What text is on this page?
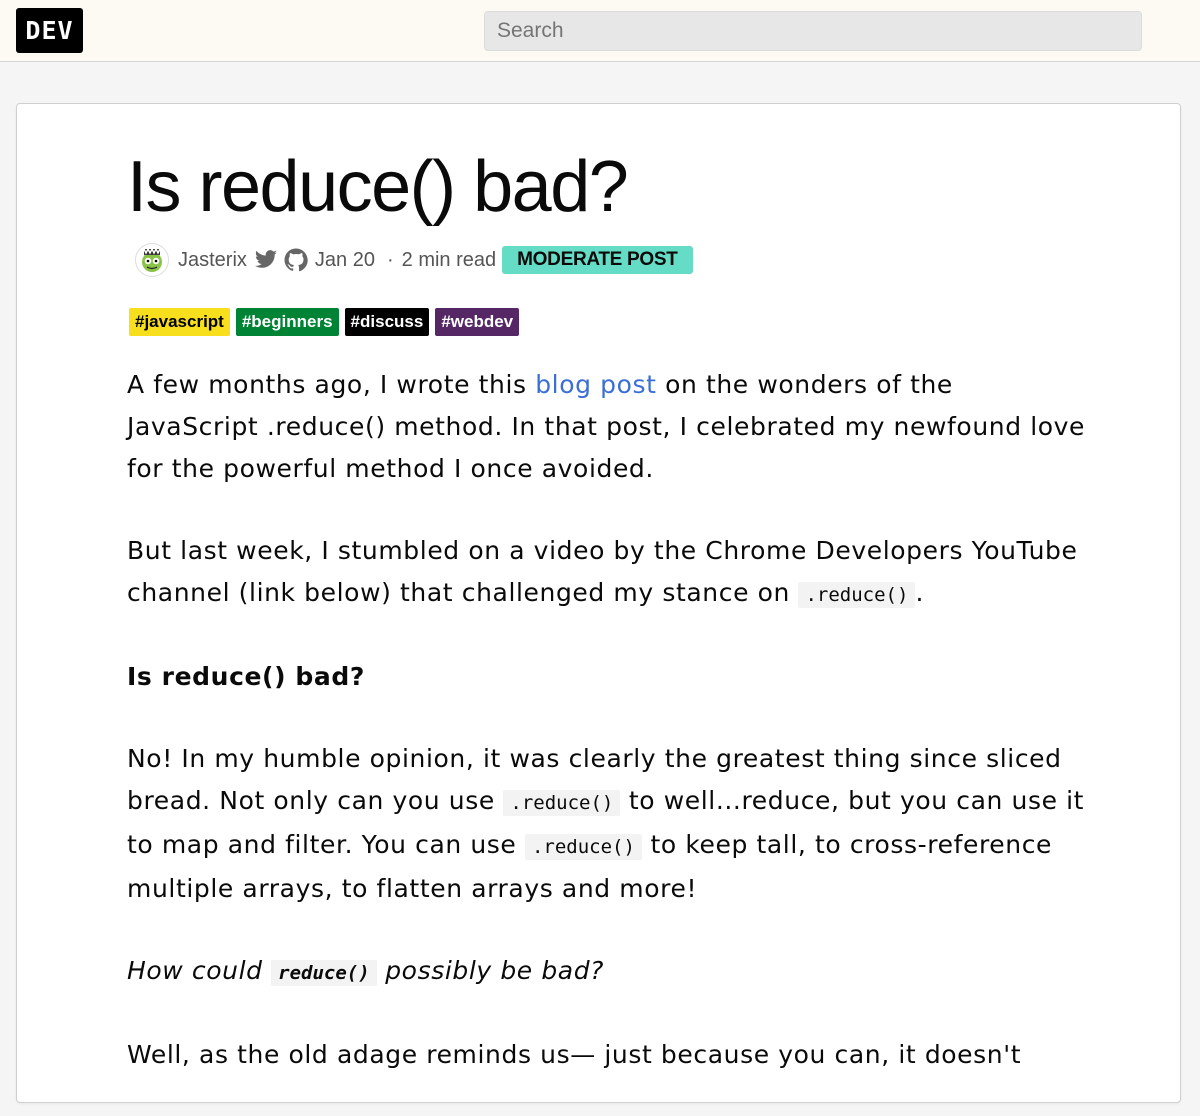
DEV
Search
Is reduce() bad?
Jasterix	Jan 20 · 2 min read	MODERATE POST
#javascript	#beginners	#discuss	#webdev

A few months ago, I wrote this blog post on the wonders of the JavaScript .reduce() method. In that post, I celebrated my newfound love for the powerful method I once avoided.

But last week, I stumbled on a video by the Chrome Developers YouTube channel (link below) that challenged my stance on .reduce() .

Is reduce() bad?

No! In my humble opinion, it was clearly the greatest thing since sliced bread. Not only can you use .reduce() to well...reduce, but you can use it to map and filter. You can use .reduce() to keep tall, to cross-reference multiple arrays, to flatten arrays and more!

How could reduce() possibly be bad?

Well, as the old adage reminds us— just because you can, it doesn't
